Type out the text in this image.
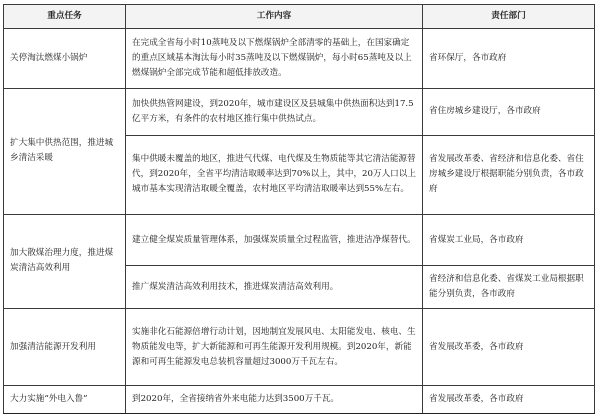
重点任务	工作内容	责任部门
关停淘汰燃煤小锅炉	在完成全省每小时10蒸吨及以下燃煤锅炉全部清零的基础上，在国家确定的重点区域基本淘汰每小时35蒸吨及以下燃煤锅炉，每小时65蒸吨及以上燃煤锅炉全部完成节能和超低排放改造。	省环保厅，各市政府
扩大集中供热范围，推进城乡清洁采暖	加快供热管网建设，到2020年，城市建设区及县城集中供热面积达到17.5亿平方米，有条件的农村地区推行集中供热试点。	省住房城乡建设厅，各市政府
	集中供暖未覆盖的地区，推进气代煤、电代煤及生物质能等其它清洁能源替代，到2020年，全省平均清洁取暖率达到70%以上，其中，20万人口以上城市基本实现清洁取暖全覆盖，农村地区平均清洁取暖率达到55%左右。	省发展改革委、省经济和信息化委、省住房城乡建设厅根据职能分别负责，各市政府
加大散煤治理力度，推进煤炭清洁高效利用	建立健全煤炭质量管理体系，加强煤炭质量全过程监管，推进洁净煤替代。	省煤炭工业局，各市政府
	推广煤炭清洁高效利用技术，推进煤炭清洁高效利用。	省经济和信息化委、省煤炭工业局根据职能分别负责，各市政府
加强清洁能源开发利用	实施非化石能源倍增行动计划，因地制宜发展风电、太阳能发电、核电、生物质能发电等，扩大新能源和可再生能源开发利用规模。到2020年，新能源和可再生能源发电总装机容量超过3000万千瓦左右。	省发展改革委，各市政府
大力实施“外电入鲁”	到2020年，全省接纳省外来电能力达到3500万千瓦。	省发展改革委，各市政府
